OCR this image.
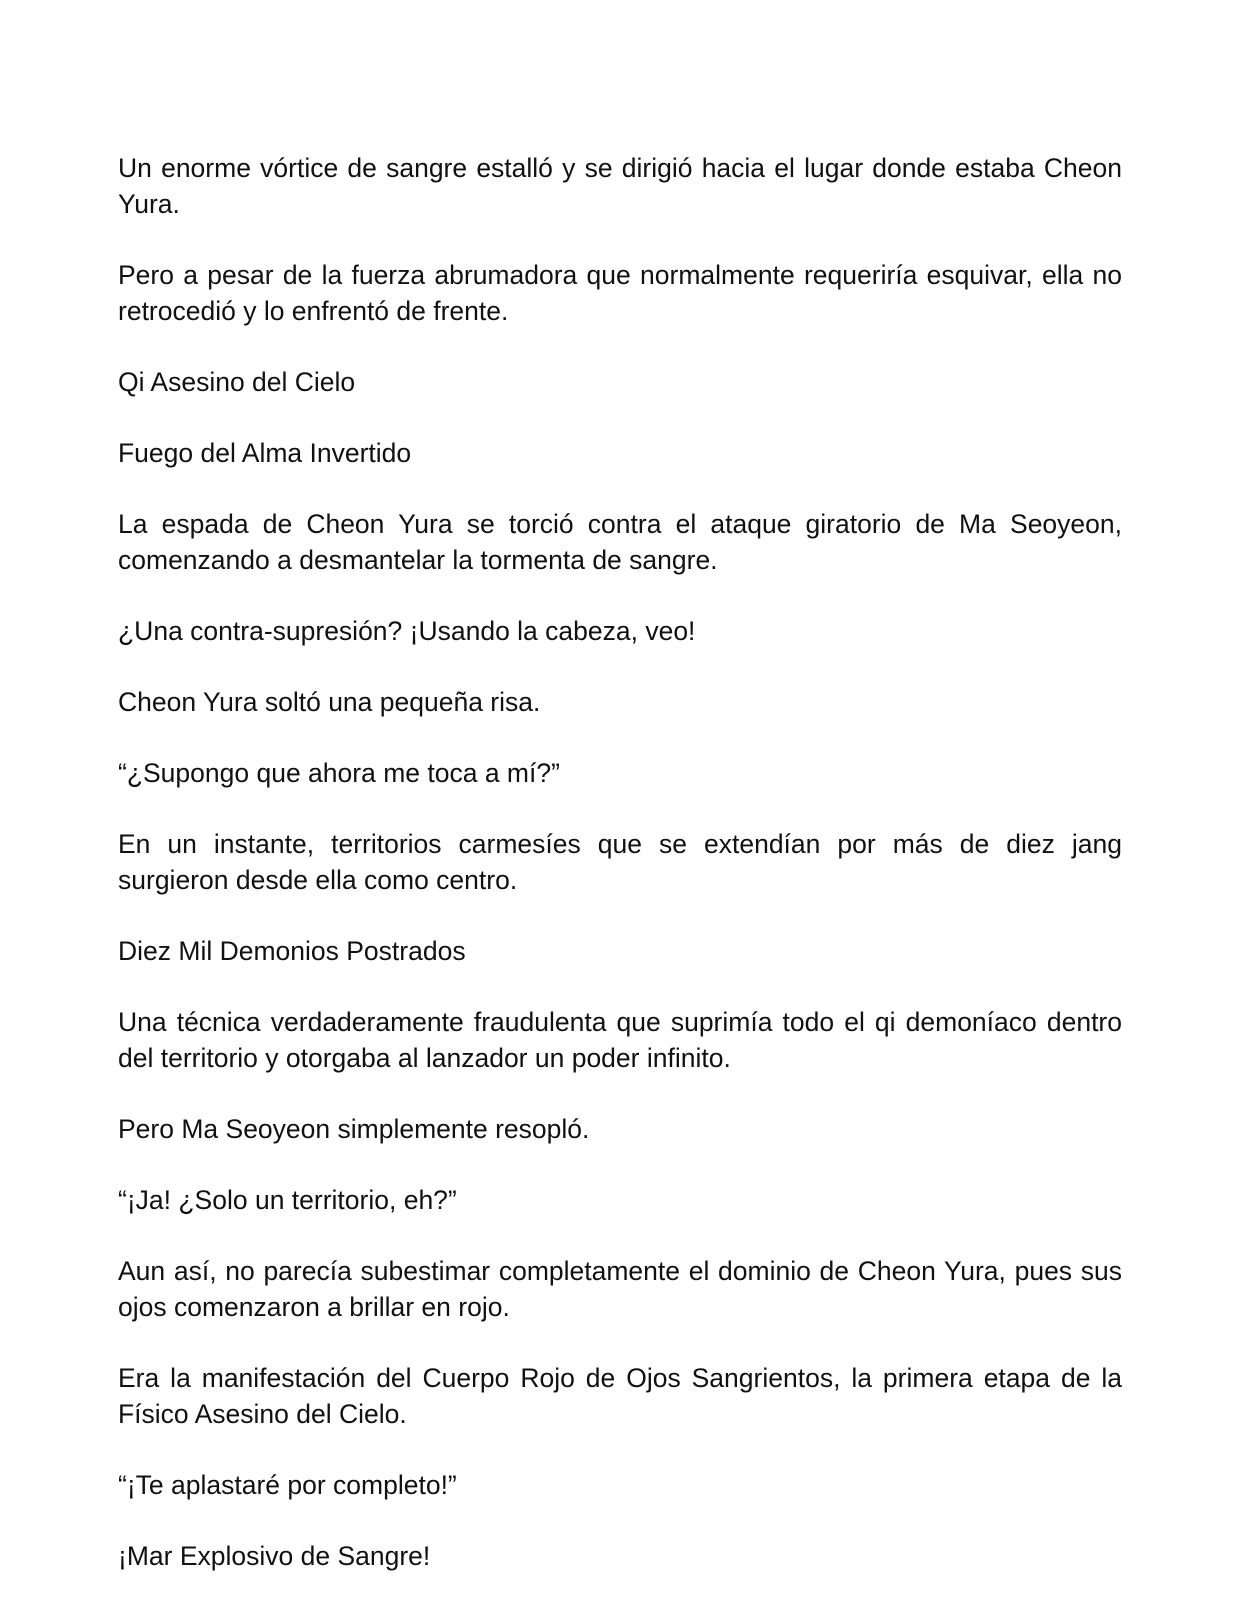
Un enorme vórtice de sangre estalló y se dirigió hacia el lugar donde estaba Cheon Yura.

Pero a pesar de la fuerza abrumadora que normalmente requeriría esquivar, ella no retrocedió y lo enfrentó de frente.

Qi Asesino del Cielo

Fuego del Alma Invertido

La espada de Cheon Yura se torció contra el ataque giratorio de Ma Seoyeon, comenzando a desmantelar la tormenta de sangre.

¿Una contra-supresión? ¡Usando la cabeza, veo!

Cheon Yura soltó una pequeña risa.

“¿Supongo que ahora me toca a mí?”

En un instante, territorios carmesíes que se extendían por más de diez jang surgieron desde ella como centro.

Diez Mil Demonios Postrados

Una técnica verdaderamente fraudulenta que suprimía todo el qi demoníaco dentro del territorio y otorgaba al lanzador un poder infinito.

Pero Ma Seoyeon simplemente resopló.

“¡Ja! ¿Solo un territorio, eh?”

Aun así, no parecía subestimar completamente el dominio de Cheon Yura, pues sus ojos comenzaron a brillar en rojo.

Era la manifestación del Cuerpo Rojo de Ojos Sangrientos, la primera etapa de la Físico Asesino del Cielo.

“¡Te aplastaré por completo!”

¡Mar Explosivo de Sangre!
